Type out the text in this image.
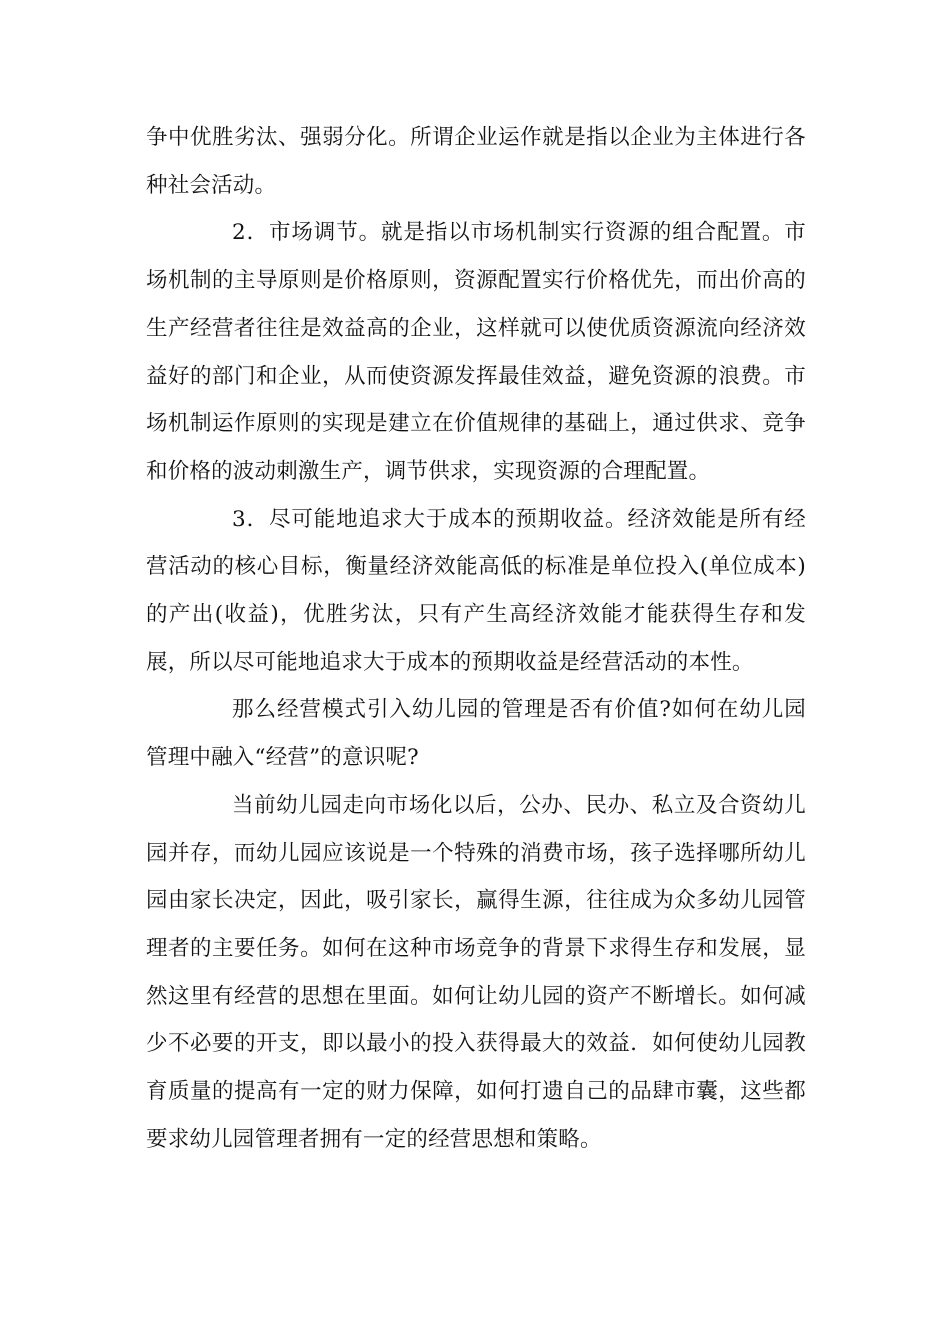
争中优胜劣汰、强弱分化。所谓企业运作就是指以企业为主体进行各种社会活动。

2．市场调节。就是指以市场机制实行资源的组合配置。市场机制的主导原则是价格原则，资源配置实行价格优先，而出价高的生产经营者往往是效益高的企业，这样就可以使优质资源流向经济效益好的部门和企业，从而使资源发挥最佳效益，避免资源的浪费。市场机制运作原则的实现是建立在价值规律的基础上，通过供求、竞争和价格的波动刺激生产，调节供求，实现资源的合理配置。

3．尽可能地追求大于成本的预期收益。经济效能是所有经营活动的核心目标，衡量经济效能高低的标准是单位投入(单位成本)的产出(收益)，优胜劣汰，只有产生高经济效能才能获得生存和发展，所以尽可能地追求大于成本的预期收益是经营活动的本性。

那么经营模式引入幼儿园的管理是否有价值?如何在幼儿园管理中融入“经营”的意识呢?

当前幼儿园走向市场化以后，公办、民办、私立及合资幼儿园并存，而幼儿园应该说是一个特殊的消费市场，孩子选择哪所幼儿园由家长决定，因此，吸引家长，赢得生源，往往成为众多幼儿园管理者的主要任务。如何在这种市场竞争的背景下求得生存和发展，显然这里有经营的思想在里面。如何让幼儿园的资产不断增长。如何减少不必要的开支，即以最小的投入获得最大的效益．如何使幼儿园教育质量的提高有一定的财力保障，如何打遗自己的品肆市囊，这些都要求幼儿园管理者拥有一定的经营思想和策略。
